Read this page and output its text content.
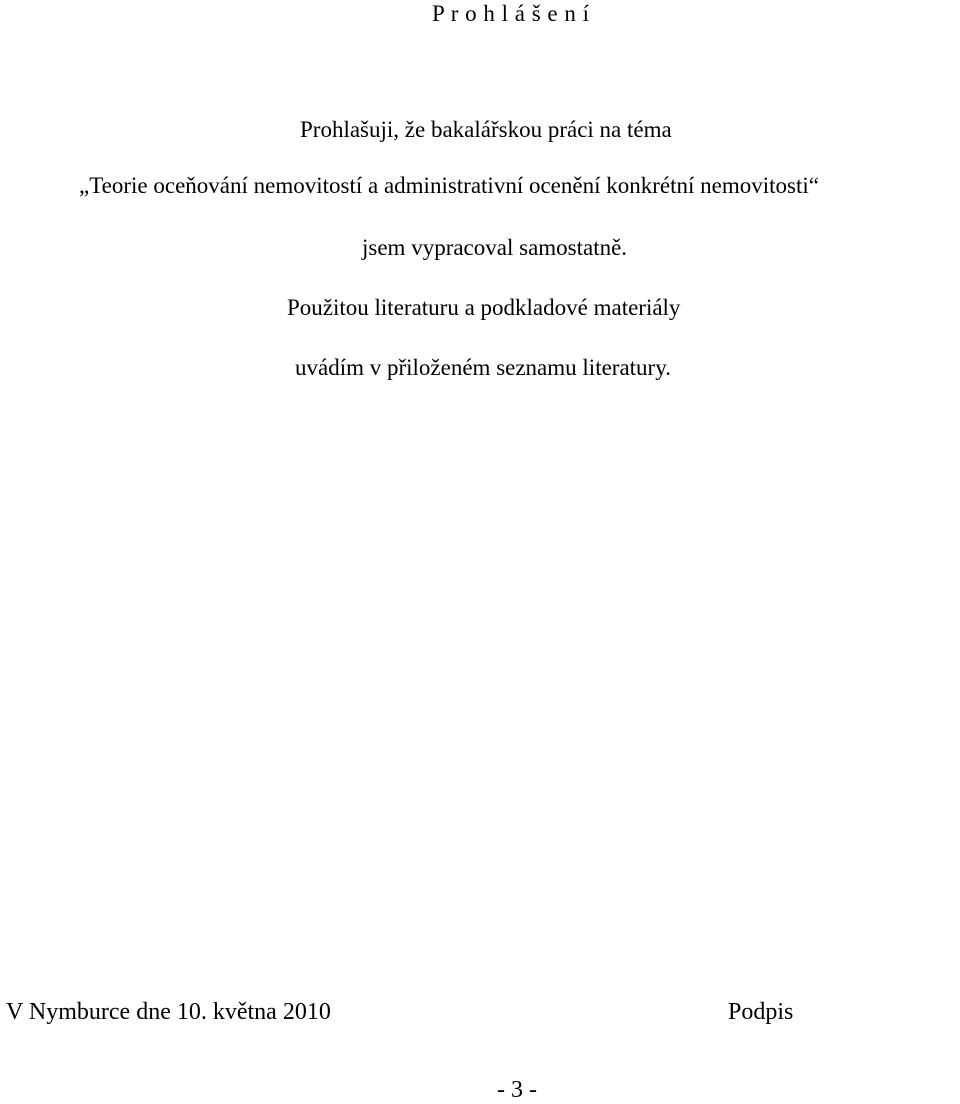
P r o h l á š e n í
Prohlašuji, že bakalářskou práci na téma
„Teorie oceňování nemovitostí a administrativní ocenění konkrétní nemovitosti“
jsem vypracoval samostatně.
Použitou literaturu a podkladové materiály
uvádím v přiloženém seznamu literatury.
V Nymburce dne 10. května 2010	Podpis
- 3 -
